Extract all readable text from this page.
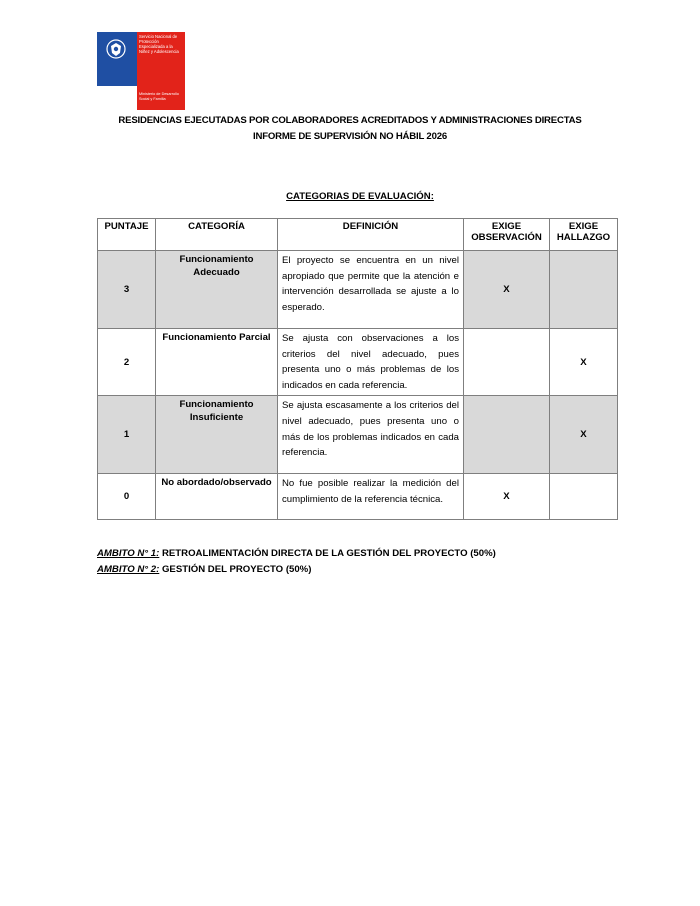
Servicio Nacional de Protección Especializada a la Niñez y Adolescencia
Ministerio de Desarrollo Social y Familia
RESIDENCIAS EJECUTADAS POR COLABORADORES ACREDITADOS Y ADMINISTRACIONES DIRECTAS
INFORME DE SUPERVISIÓN NO HÁBIL 2026
CATEGORIAS DE EVALUACIÓN:
PUNTAJE	CATEGORÍA	DEFINICIÓN	EXIGE OBSERVACIÓN	EXIGE HALLAZGO
3	Funcionamiento Adecuado	El proyecto se encuentra en un nivel apropiado que permite que la atención e intervención desarrollada se ajuste a lo esperado.	X	
2	Funcionamiento Parcial	Se ajusta con observaciones a los criterios del nivel adecuado, pues presenta uno o más problemas de los indicados en cada referencia.		X
1	Funcionamiento Insuficiente	Se ajusta escasamente a los criterios del nivel adecuado, pues presenta uno o más de los problemas indicados en cada referencia.		X
0	No abordado/observado	No fue posible realizar la medición del cumplimiento de la referencia técnica.	X	
AMBITO N° 1: RETROALIMENTACIÓN DIRECTA DE LA GESTIÓN DEL PROYECTO (50%)
AMBITO N° 2: GESTIÓN DEL PROYECTO (50%)
